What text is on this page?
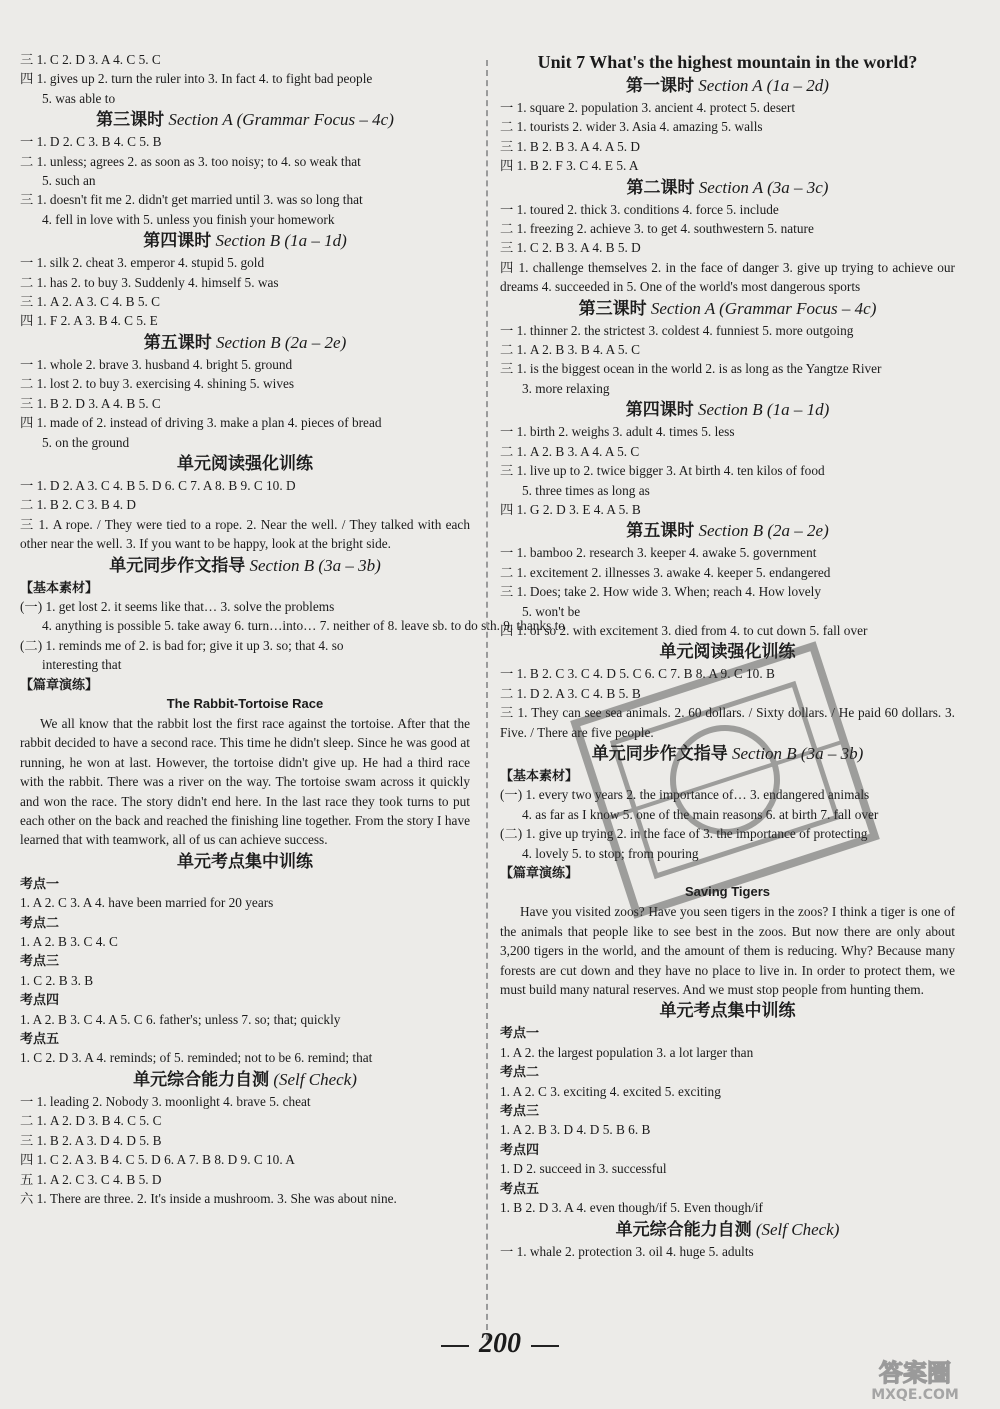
三 1. C 2. D 3. A 4. C 5. C
四 1. gives up 2. turn the ruler into 3. In fact 4. to fight bad people
5. was able to
第三课时 Section A (Grammar Focus – 4c)
一 1. D 2. C 3. B 4. C 5. B
二 1. unless; agrees 2. as soon as 3. too noisy; to 4. so weak that
5. such an
三 1. doesn't fit me 2. didn't get married until 3. was so long that
4. fell in love with 5. unless you finish your homework
第四课时 Section B (1a – 1d)
一 1. silk 2. cheat 3. emperor 4. stupid 5. gold
二 1. has 2. to buy 3. Suddenly 4. himself 5. was
三 1. A 2. A 3. C 4. B 5. C
四 1. F 2. A 3. B 4. C 5. E
第五课时 Section B (2a – 2e)
一 1. whole 2. brave 3. husband 4. bright 5. ground
二 1. lost 2. to buy 3. exercising 4. shining 5. wives
三 1. B 2. D 3. A 4. B 5. C
四 1. made of 2. instead of driving 3. make a plan 4. pieces of bread
5. on the ground
单元阅读强化训练
一 1. D 2. A 3. C 4. B 5. D 6. C 7. A 8. B 9. C 10. D
二 1. B 2. C 3. B 4. D
三 1. A rope. / They were tied to a rope. 2. Near the well. / They talked with each other near the well. 3. If you want to be happy, look at the bright side.
单元同步作文指导 Section B (3a – 3b)
【基本素材】
(一) 1. get lost 2. it seems like that… 3. solve the problems
4. anything is possible 5. take away 6. turn…into… 7. neither of 8. leave sb. to do sth. 9. thanks to
(二) 1. reminds me of 2. is bad for; give it up 3. so; that 4. so
interesting that
【篇章演练】
The Rabbit-Tortoise Race
We all know that the rabbit lost the first race against the tortoise. After that the rabbit decided to have a second race. This time he didn't sleep. Since he was good at running, he won at last. However, the tortoise didn't give up. He had a third race with the rabbit. There was a river on the way. The tortoise swam across it quickly and won the race. The story didn't end here. In the last race they took turns to put each other on the back and reached the finishing line together. From the story I have learned that with teamwork, all of us can achieve success.
单元考点集中训练
考点一
1. A 2. C 3. A 4. have been married for 20 years
考点二
1. A 2. B 3. C 4. C
考点三
1. C 2. B 3. B
考点四
1. A 2. B 3. C 4. A 5. C 6. father's; unless 7. so; that; quickly
考点五
1. C 2. D 3. A 4. reminds; of 5. reminded; not to be 6. remind; that
单元综合能力自测 (Self Check)
一 1. leading 2. Nobody 3. moonlight 4. brave 5. cheat
二 1. A 2. D 3. B 4. C 5. C
三 1. B 2. A 3. D 4. D 5. B
四 1. C 2. A 3. B 4. C 5. D 6. A 7. B 8. D 9. C 10. A
五 1. A 2. C 3. C 4. B 5. D
六 1. There are three. 2. It's inside a mushroom. 3. She was about nine.
Unit 7 What's the highest mountain in the world?
第一课时 Section A (1a – 2d)
一 1. square 2. population 3. ancient 4. protect 5. desert
二 1. tourists 2. wider 3. Asia 4. amazing 5. walls
三 1. B 2. B 3. A 4. A 5. D
四 1. B 2. F 3. C 4. E 5. A
第二课时 Section A (3a – 3c)
一 1. toured 2. thick 3. conditions 4. force 5. include
二 1. freezing 2. achieve 3. to get 4. southwestern 5. nature
三 1. C 2. B 3. A 4. B 5. D
四 1. challenge themselves 2. in the face of danger 3. give up trying to achieve our dreams 4. succeeded in 5. One of the world's most dangerous sports
第三课时 Section A (Grammar Focus – 4c)
一 1. thinner 2. the strictest 3. coldest 4. funniest 5. more outgoing
二 1. A 2. B 3. B 4. A 5. C
三 1. is the biggest ocean in the world 2. is as long as the Yangtze River
3. more relaxing
第四课时 Section B (1a – 1d)
一 1. birth 2. weighs 3. adult 4. times 5. less
二 1. A 2. B 3. A 4. A 5. C
三 1. live up to 2. twice bigger 3. At birth 4. ten kilos of food
5. three times as long as
四 1. G 2. D 3. E 4. A 5. B
第五课时 Section B (2a – 2e)
一 1. bamboo 2. research 3. keeper 4. awake 5. government
二 1. excitement 2. illnesses 3. awake 4. keeper 5. endangered
三 1. Does; take 2. How wide 3. When; reach 4. How lovely
5. won't be
四 1. or so 2. with excitement 3. died from 4. to cut down 5. fall over
单元阅读强化训练
一 1. B 2. C 3. C 4. D 5. C 6. C 7. B 8. A 9. C 10. B
二 1. D 2. A 3. C 4. B 5. B
三 1. They can see sea animals. 2. 60 dollars. / Sixty dollars. / He paid 60 dollars. 3. Five. / There are five people.
单元同步作文指导 Section B (3a – 3b)
【基本素材】
(一) 1. every two years 2. the importance of… 3. endangered animals
4. as far as I know 5. one of the main reasons 6. at birth 7. fall over
(二) 1. give up trying 2. in the face of 3. the importance of protecting
4. lovely 5. to stop; from pouring
【篇章演练】
Saving Tigers
Have you visited zoos? Have you seen tigers in the zoos? I think a tiger is one of the animals that people like to see best in the zoos. But now there are only about 3,200 tigers in the world, and the amount of them is reducing. Why? Because many forests are cut down and they have no place to live in. In order to protect them, we must build many natural reserves. And we must stop people from hunting them.
单元考点集中训练
考点一
1. A 2. the largest population 3. a lot larger than
考点二
1. A 2. C 3. exciting 4. excited 5. exciting
考点三
1. A 2. B 3. D 4. D 5. B 6. B
考点四
1. D 2. succeed in 3. successful
考点五
1. B 2. D 3. A 4. even though/if 5. Even though/if
单元综合能力自测 (Self Check)
一 1. whale 2. protection 3. oil 4. huge 5. adults
200
答案圈
MXQE.COM
